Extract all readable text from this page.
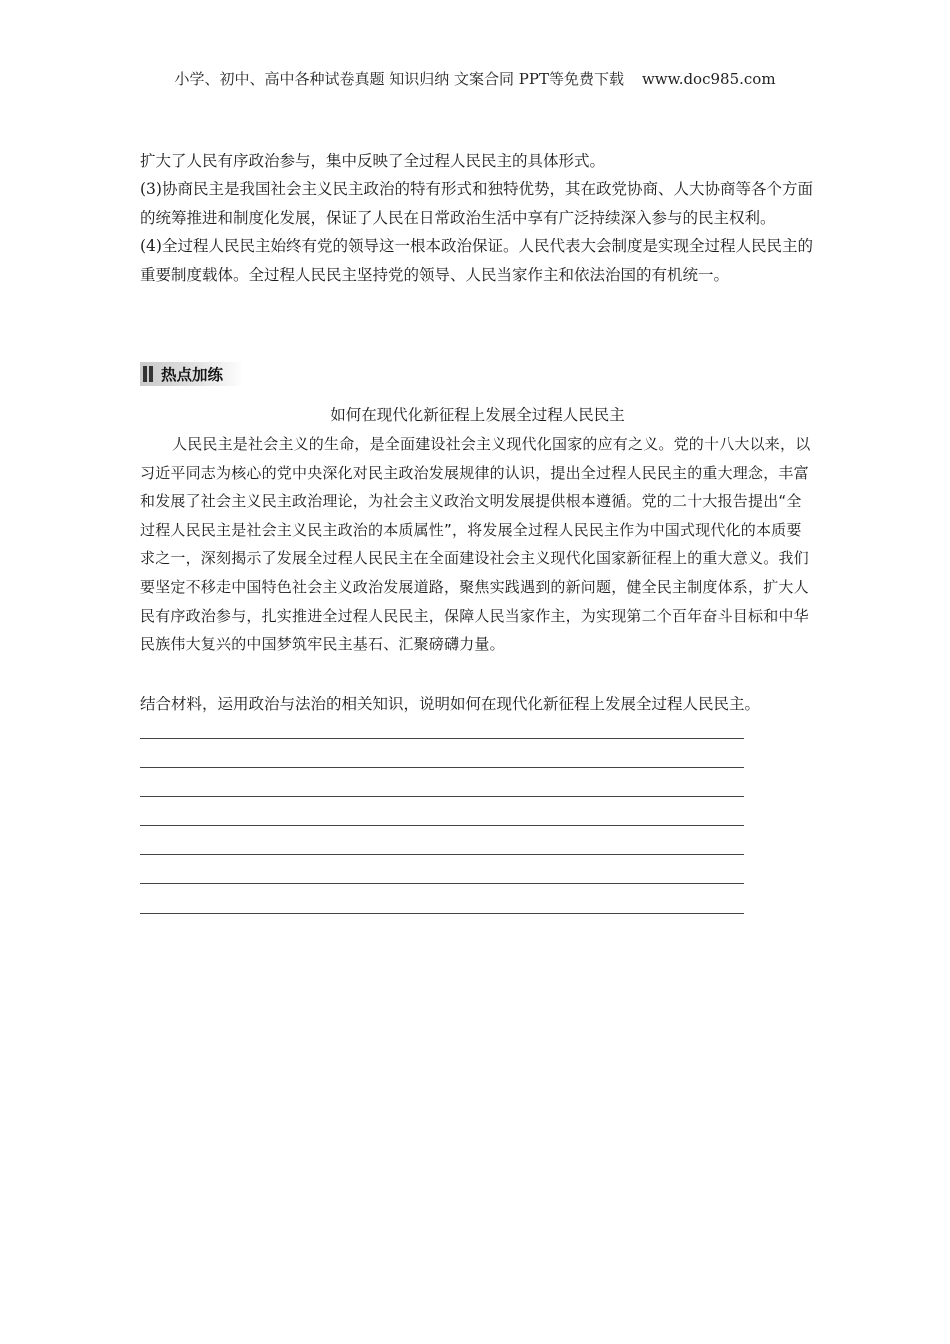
小学、初中、高中各种试卷真题 知识归纳 文案合同 PPT等免费下载 www.doc985.com

扩大了人民有序政治参与，集中反映了全过程人民民主的具体形式。

(3)协商民主是我国社会主义民主政治的特有形式和独特优势，其在政党协商、人大协商等各个方面的统筹推进和制度化发展，保证了人民在日常政治生活中享有广泛持续深入参与的民主权利。

(4)全过程人民民主始终有党的领导这一根本政治保证。人民代表大会制度是实现全过程人民民主的重要制度载体。全过程人民民主坚持党的领导、人民当家作主和依法治国的有机统一。

热点加练
如何在现代化新征程上发展全过程人民民主
人民民主是社会主义的生命，是全面建设社会主义现代化国家的应有之义。党的十八大以来，以习近平同志为核心的党中央深化对民主政治发展规律的认识，提出全过程人民民主的重大理念，丰富和发展了社会主义民主政治理论，为社会主义政治文明发展提供根本遵循。党的二十大报告提出“全过程人民民主是社会主义民主政治的本质属性”，将发展全过程人民民主作为中国式现代化的本质要求之一，深刻揭示了发展全过程人民民主在全面建设社会主义现代化国家新征程上的重大意义。我们要坚定不移走中国特色社会主义政治发展道路，聚焦实践遇到的新问题，健全民主制度体系，扩大人民有序政治参与，扎实推进全过程人民民主，保障人民当家作主，为实现第二个百年奋斗目标和中华民族伟大复兴的中国梦筑牢民主基石、汇聚磅礴力量。
结合材料，运用政治与法治的相关知识，说明如何在现代化新征程上发展全过程人民民主。
